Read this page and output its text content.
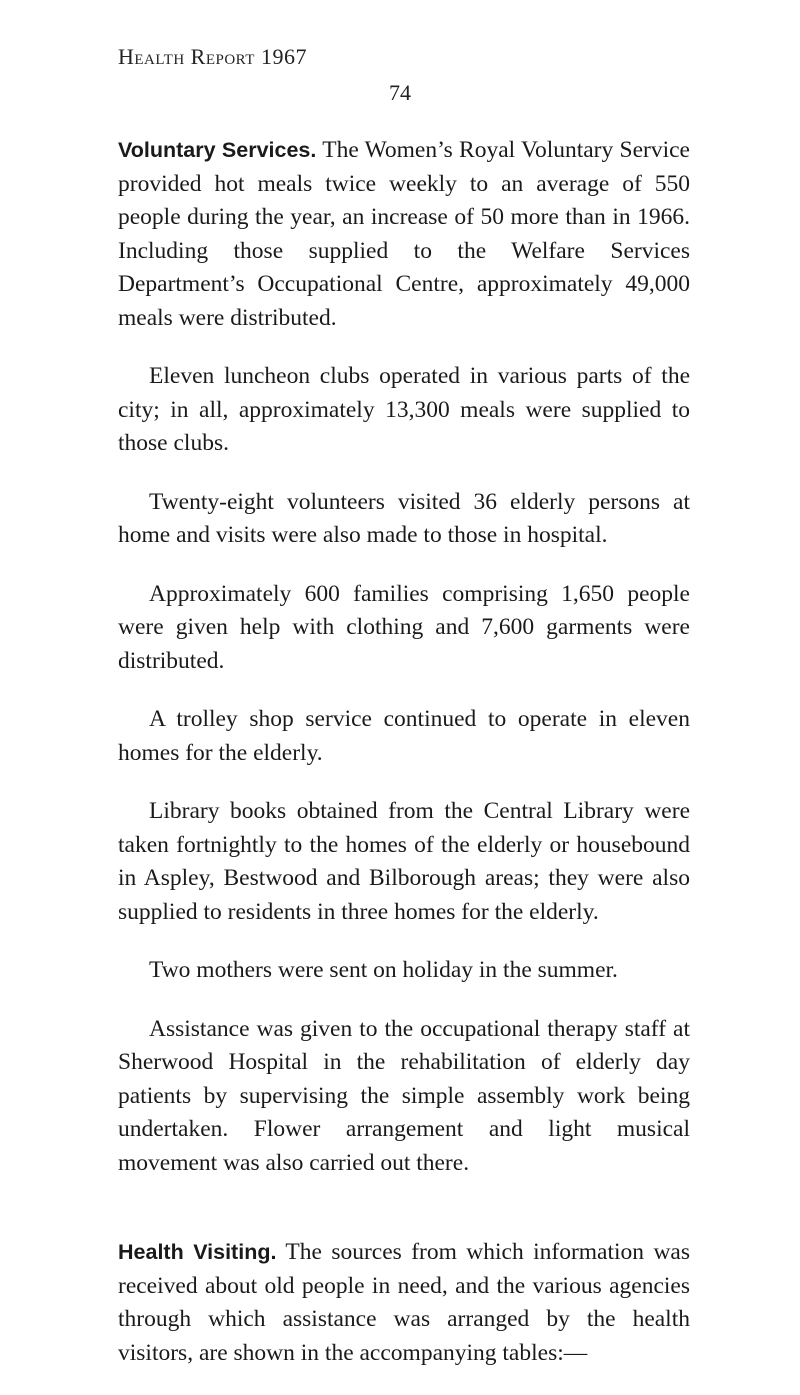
Health Report 1967
74

Voluntary Services. The Women’s Royal Voluntary Service provided hot meals twice weekly to an average of 550 people during the year, an increase of 50 more than in 1966. Including those supplied to the Welfare Services Department’s Occupational Centre, approximately 49,000 meals were distributed.

Eleven luncheon clubs operated in various parts of the city; in all, approximately 13,300 meals were supplied to those clubs.

Twenty-eight volunteers visited 36 elderly persons at home and visits were also made to those in hospital.

Approximately 600 families comprising 1,650 people were given help with clothing and 7,600 garments were distributed.

A trolley shop service continued to operate in eleven homes for the elderly.

Library books obtained from the Central Library were taken fortnightly to the homes of the elderly or housebound in Aspley, Bestwood and Bilborough areas; they were also supplied to residents in three homes for the elderly.

Two mothers were sent on holiday in the summer.

Assistance was given to the occupational therapy staff at Sherwood Hospital in the rehabilitation of elderly day patients by supervising the simple assembly work being undertaken. Flower arrangement and light musical movement was also carried out there.

Health Visiting. The sources from which information was received about old people in need, and the various agencies through which assistance was arranged by the health visitors, are shown in the accompanying tables:—
